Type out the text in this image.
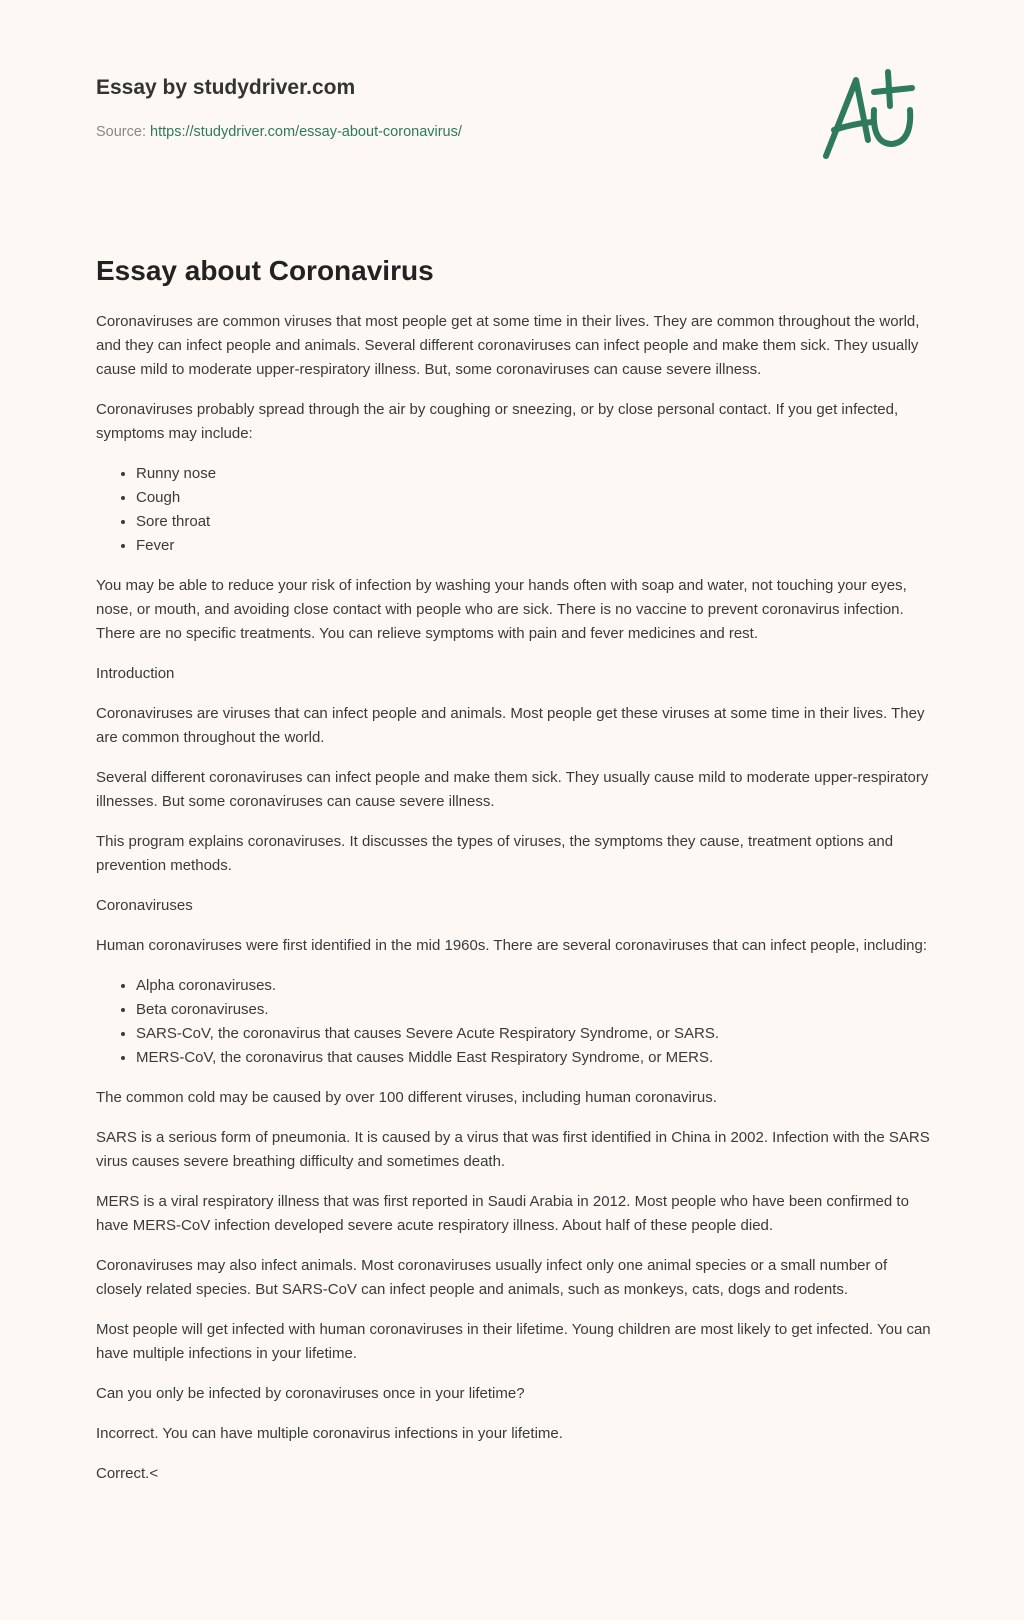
Essay by studydriver.com
Source: https://studydriver.com/essay-about-coronavirus/
Essay about Coronavirus

Coronaviruses are common viruses that most people get at some time in their lives. They are common throughout the world, and they can infect people and animals. Several different coronaviruses can infect people and make them sick. They usually cause mild to moderate upper-respiratory illness. But, some coronaviruses can cause severe illness.

Coronaviruses probably spread through the air by coughing or sneezing, or by close personal contact. If you get infected, symptoms may include:

• Runny nose
• Cough
• Sore throat
• Fever

You may be able to reduce your risk of infection by washing your hands often with soap and water, not touching your eyes, nose, or mouth, and avoiding close contact with people who are sick. There is no vaccine to prevent coronavirus infection. There are no specific treatments. You can relieve symptoms with pain and fever medicines and rest.

Introduction

Coronaviruses are viruses that can infect people and animals. Most people get these viruses at some time in their lives. They are common throughout the world.

Several different coronaviruses can infect people and make them sick. They usually cause mild to moderate upper-respiratory illnesses. But some coronaviruses can cause severe illness.

This program explains coronaviruses. It discusses the types of viruses, the symptoms they cause, treatment options and prevention methods.

Coronaviruses

Human coronaviruses were first identified in the mid 1960s. There are several coronaviruses that can infect people, including:

• Alpha coronaviruses.
• Beta coronaviruses.
• SARS-CoV, the coronavirus that causes Severe Acute Respiratory Syndrome, or SARS.
• MERS-CoV, the coronavirus that causes Middle East Respiratory Syndrome, or MERS.

The common cold may be caused by over 100 different viruses, including human coronavirus.

SARS is a serious form of pneumonia. It is caused by a virus that was first identified in China in 2002. Infection with the SARS virus causes severe breathing difficulty and sometimes death.

MERS is a viral respiratory illness that was first reported in Saudi Arabia in 2012. Most people who have been confirmed to have MERS-CoV infection developed severe acute respiratory illness. About half of these people died.

Coronaviruses may also infect animals. Most coronaviruses usually infect only one animal species or a small number of closely related species. But SARS-CoV can infect people and animals, such as monkeys, cats, dogs and rodents.

Most people will get infected with human coronaviruses in their lifetime. Young children are most likely to get infected. You can have multiple infections in your lifetime.

Can you only be infected by coronaviruses once in your lifetime?

Incorrect. You can have multiple coronavirus infections in your lifetime.

Correct.<
